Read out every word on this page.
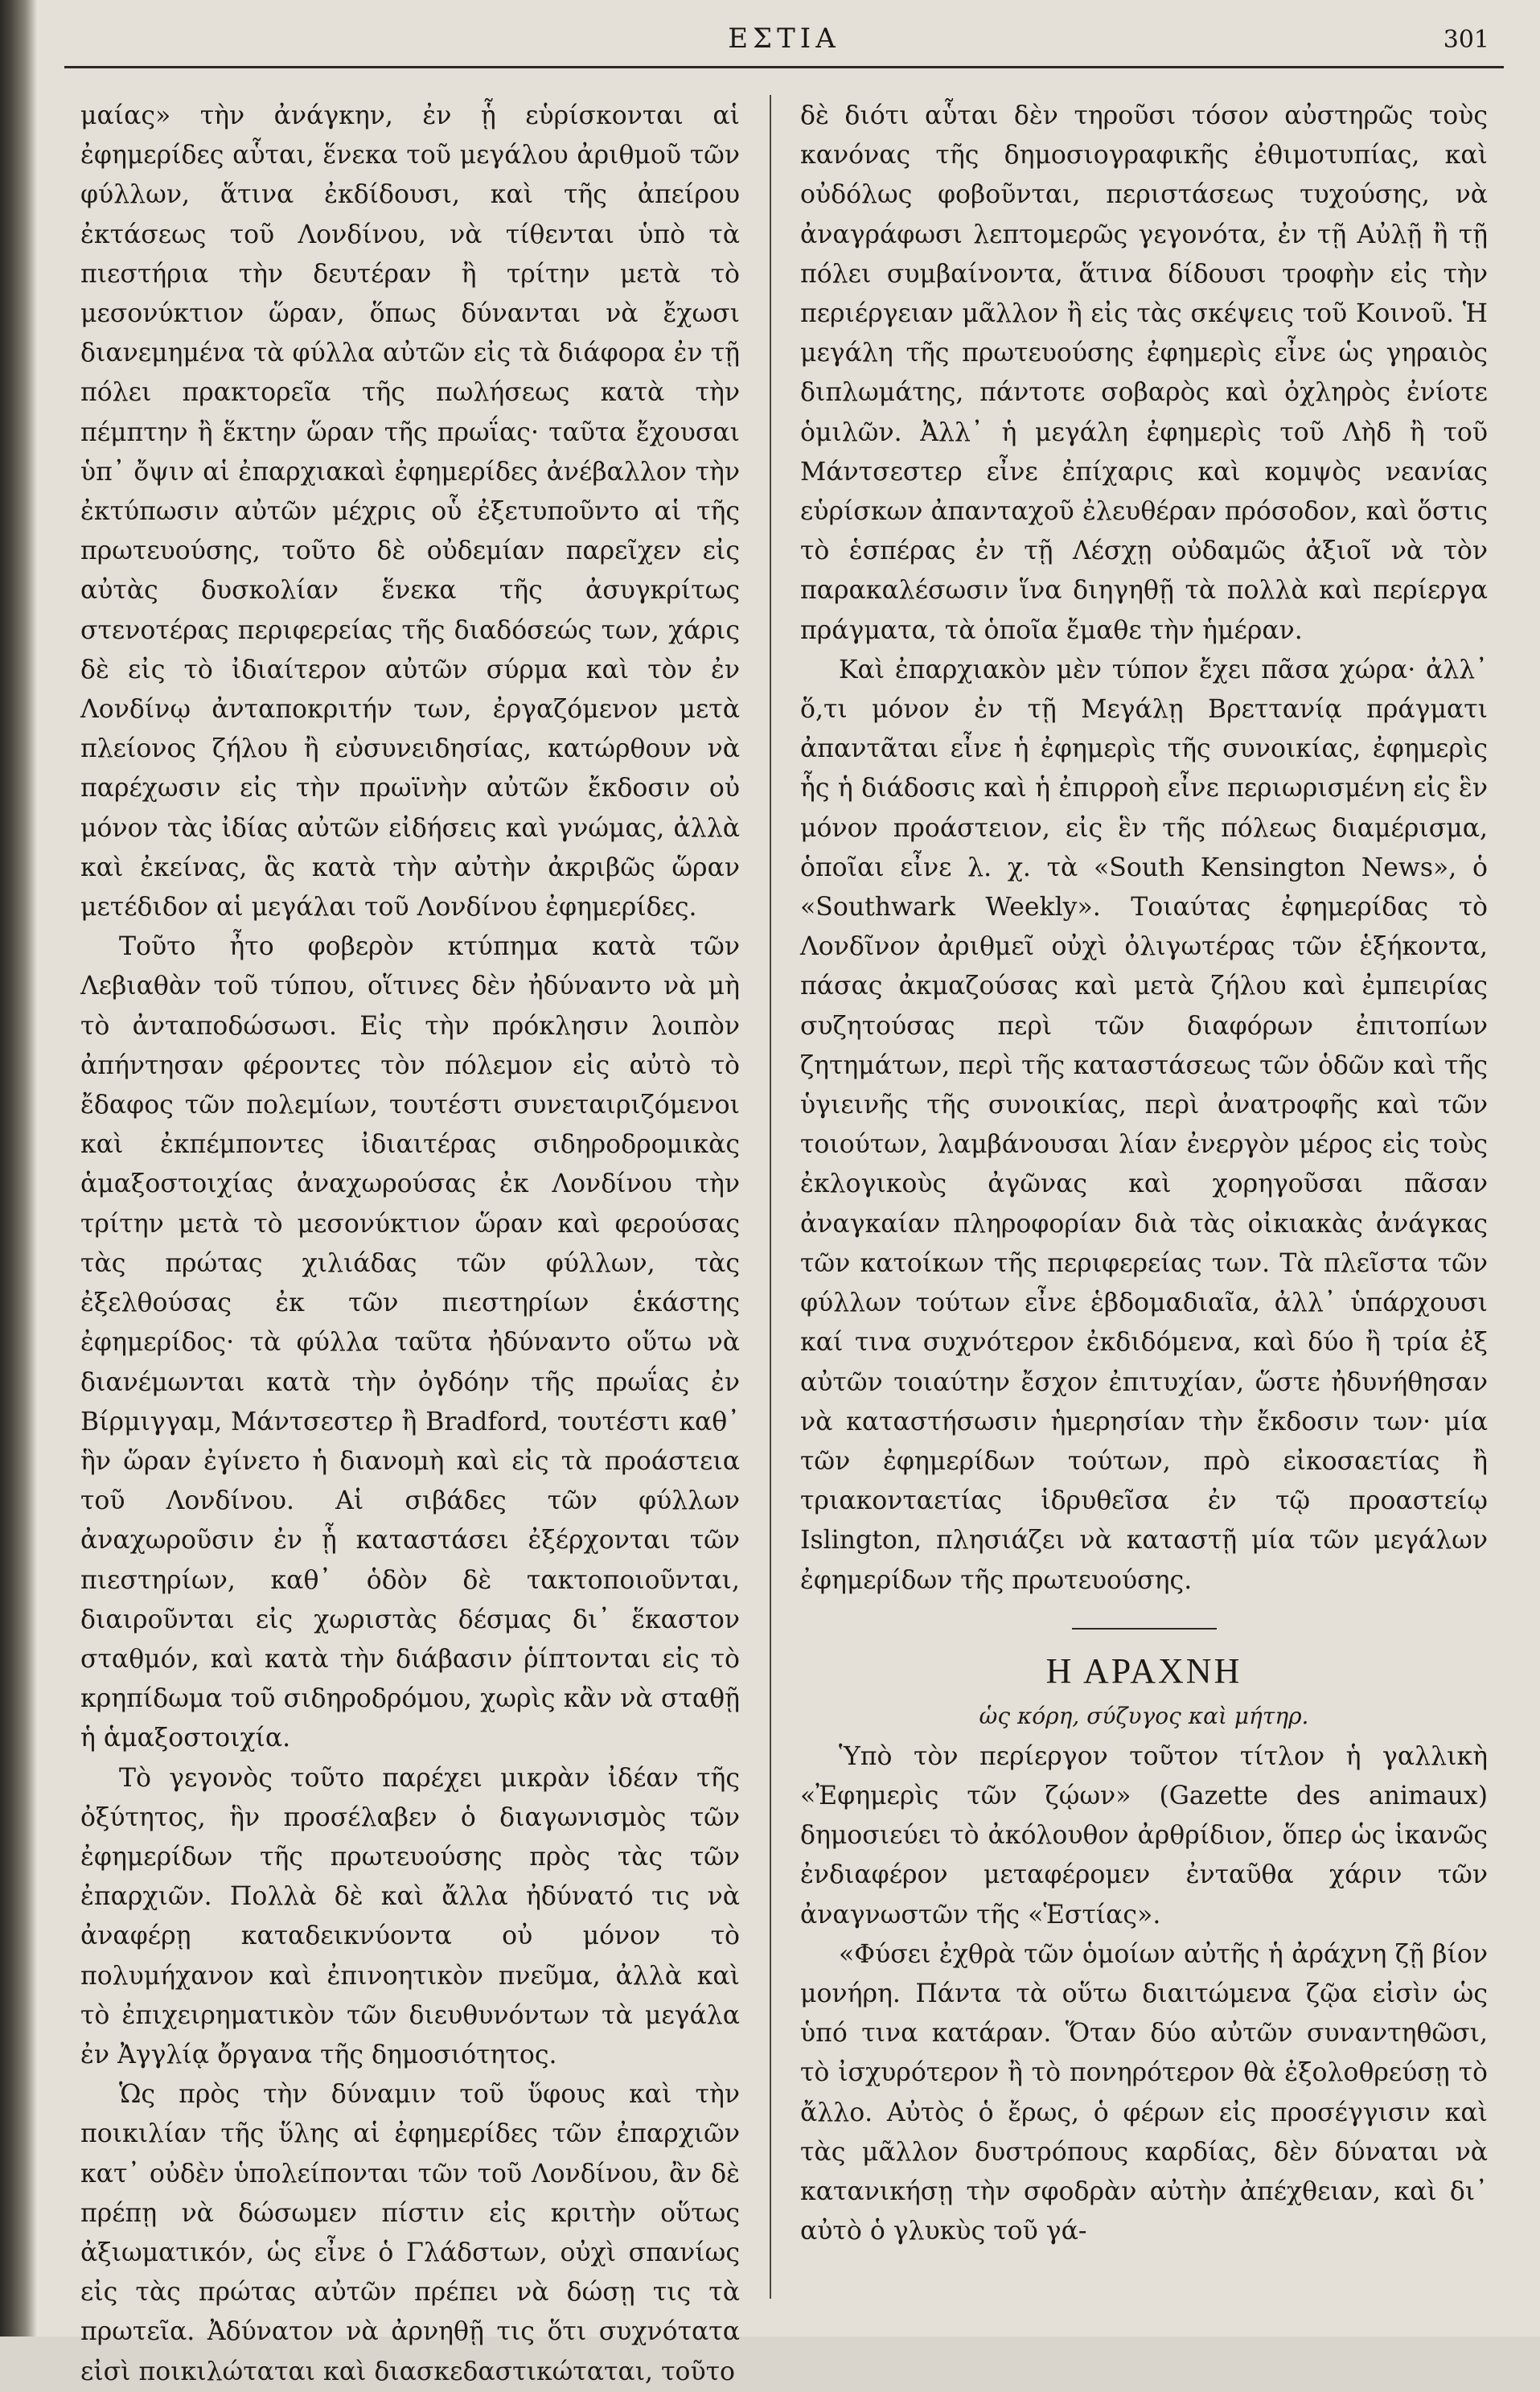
ΕΣΤΙΑ	301

μαίας» τὴν ἀνάγκην, ἐν ᾗ εὑρίσκονται αἱ ἐφημερίδες αὗται, ἕνεκα τοῦ μεγάλου ἀριθμοῦ τῶν φύλλων, ἅτινα ἐκδίδουσι, καὶ τῆς ἀπείρου ἐκτάσεως τοῦ Λονδίνου, νὰ τίθενται ὑπὸ τὰ πιεστήρια τὴν δευτέραν ἢ τρίτην μετὰ τὸ μεσονύκτιον ὥραν, ὅπως δύνανται νὰ ἔχωσι διανεμημένα τὰ φύλλα αὐτῶν εἰς τὰ διάφορα ἐν τῇ πόλει πρακτορεῖα τῆς πωλήσεως κατὰ τὴν πέμπτην ἢ ἕκτην ὥραν τῆς πρωΐας· ταῦτα ἔχουσαι ὑπ᾽ ὄψιν αἱ ἐπαρχιακαὶ ἐφημερίδες ἀνέβαλλον τὴν ἐκτύπωσιν αὐτῶν μέχρις οὗ ἐξετυποῦντο αἱ τῆς πρωτευούσης, τοῦτο δὲ οὐδεμίαν παρεῖχεν εἰς αὐτὰς δυσκολίαν ἕνεκα τῆς ἀσυγκρίτως στενοτέρας περιφερείας τῆς διαδόσεώς των, χάρις δὲ εἰς τὸ ἰδιαίτερον αὐτῶν σύρμα καὶ τὸν ἐν Λονδίνῳ ἀνταποκριτήν των, ἐργαζόμενον μετὰ πλείονος ζήλου ἢ εὐσυνειδησίας, κατώρθουν νὰ παρέχωσιν εἰς τὴν πρωϊνὴν αὐτῶν ἔκδοσιν οὐ μόνον τὰς ἰδίας αὐτῶν εἰδήσεις καὶ γνώμας, ἀλλὰ καὶ ἐκείνας, ἃς κατὰ τὴν αὐτὴν ἀκριβῶς ὥραν μετέδιδον αἱ μεγάλαι τοῦ Λονδίνου ἐφημερίδες.

Τοῦτο ἦτο φοβερὸν κτύπημα κατὰ τῶν Λεβιαθὰν τοῦ τύπου, οἵτινες δὲν ἠδύναντο νὰ μὴ τὸ ἀνταποδώσωσι. Εἰς τὴν πρόκλησιν λοιπὸν ἀπήντησαν φέροντες τὸν πόλεμον εἰς αὐτὸ τὸ ἔδαφος τῶν πολεμίων, τουτέστι συνεταιριζόμενοι καὶ ἐκπέμποντες ἰδιαιτέρας σιδηροδρομικὰς ἁμαξοστοιχίας ἀναχωρούσας ἐκ Λονδίνου τὴν τρίτην μετὰ τὸ μεσονύκτιον ὥραν καὶ φερούσας τὰς πρώτας χιλιάδας τῶν φύλλων, τὰς ἐξελθούσας ἐκ τῶν πιεστηρίων ἑκάστης ἐφημερίδος· τὰ φύλλα ταῦτα ἠδύναντο οὕτω νὰ διανέμωνται κατὰ τὴν ὀγδόην τῆς πρωΐας ἐν Βίρμιγγαμ, Μάντσεστερ ἢ Bradford, τουτέστι καθ᾽ ἣν ὥραν ἐγίνετο ἡ διανομὴ καὶ εἰς τὰ προάστεια τοῦ Λονδίνου. Αἱ σιβάδες τῶν φύλλων ἀναχωροῦσιν ἐν ᾗ καταστάσει ἐξέρχονται τῶν πιεστηρίων, καθ᾽ ὁδὸν δὲ τακτοποιοῦνται, διαιροῦνται εἰς χωριστὰς δέσμας δι᾽ ἕκαστον σταθμόν, καὶ κατὰ τὴν διάβασιν ῥίπτονται εἰς τὸ κρηπίδωμα τοῦ σιδηροδρόμου, χωρὶς κἂν νὰ σταθῇ ἡ ἁμαξοστοιχία.

Τὸ γεγονὸς τοῦτο παρέχει μικρὰν ἰδέαν τῆς ὀξύτητος, ἣν προσέλαβεν ὁ διαγωνισμὸς τῶν ἐφημερίδων τῆς πρωτευούσης πρὸς τὰς τῶν ἐπαρχιῶν. Πολλὰ δὲ καὶ ἄλλα ἠδύνατό τις νὰ ἀναφέρῃ καταδεικνύοντα οὐ μόνον τὸ πολυμήχανον καὶ ἐπινοητικὸν πνεῦμα, ἀλλὰ καὶ τὸ ἐπιχειρηματικὸν τῶν διευθυνόντων τὰ μεγάλα ἐν Ἀγγλίᾳ ὄργανα τῆς δημοσιότητος.

Ὡς πρὸς τὴν δύναμιν τοῦ ὕφους καὶ τὴν ποικιλίαν τῆς ὕλης αἱ ἐφημερίδες τῶν ἐπαρχιῶν κατ᾽ οὐδὲν ὑπολείπονται τῶν τοῦ Λονδίνου, ἂν δὲ πρέπῃ νὰ δώσωμεν πίστιν εἰς κριτὴν οὕτως ἀξιωματικόν, ὡς εἶνε ὁ Γλάδστων, οὐχὶ σπανίως εἰς τὰς πρώτας αὐτῶν πρέπει νὰ δώσῃ τις τὰ πρωτεῖα. Ἀδύνατον νὰ ἀρνηθῇ τις ὅτι συχνότατα εἰσὶ ποικιλώταται καὶ διασκεδαστικώταται, τοῦτο

δὲ διότι αὗται δὲν τηροῦσι τόσον αὐστηρῶς τοὺς κανόνας τῆς δημοσιογραφικῆς ἐθιμοτυπίας, καὶ οὐδόλως φοβοῦνται, περιστάσεως τυχούσης, νὰ ἀναγράφωσι λεπτομερῶς γεγονότα, ἐν τῇ Αὐλῇ ἢ τῇ πόλει συμβαίνοντα, ἅτινα δίδουσι τροφὴν εἰς τὴν περιέργειαν μᾶλλον ἢ εἰς τὰς σκέψεις τοῦ Κοινοῦ. Ἡ μεγάλη τῆς πρωτευούσης ἐφημερὶς εἶνε ὡς γηραιὸς διπλωμάτης, πάντοτε σοβαρὸς καὶ ὀχληρὸς ἐνίοτε ὁμιλῶν. Ἀλλ᾽ ἡ μεγάλη ἐφημερὶς τοῦ Λὴδ ἢ τοῦ Μάντσεστερ εἶνε ἐπίχαρις καὶ κομψὸς νεανίας εὑρίσκων ἀπανταχοῦ ἐλευθέραν πρόσοδον, καὶ ὅστις τὸ ἑσπέρας ἐν τῇ Λέσχῃ οὐδαμῶς ἀξιοῖ νὰ τὸν παρακαλέσωσιν ἵνα διηγηθῇ τὰ πολλὰ καὶ περίεργα πράγματα, τὰ ὁποῖα ἔμαθε τὴν ἡμέραν.

Καὶ ἐπαρχιακὸν μὲν τύπον ἔχει πᾶσα χώρα· ἀλλ᾽ ὅ,τι μόνον ἐν τῇ Μεγάλῃ Βρεττανίᾳ πράγματι ἀπαντᾶται εἶνε ἡ ἐφημερὶς τῆς συνοικίας, ἐφημερὶς ἧς ἡ διάδοσις καὶ ἡ ἐπιρροὴ εἶνε περιωρισμένη εἰς ἓν μόνον προάστειον, εἰς ἓν τῆς πόλεως διαμέρισμα, ὁποῖαι εἶνε λ. χ. τὰ «South Kensington News», ὁ «Southwark Weekly». Τοιαύτας ἐφημερίδας τὸ Λονδῖνον ἀριθμεῖ οὐχὶ ὀλιγωτέρας τῶν ἑξήκοντα, πάσας ἀκμαζούσας καὶ μετὰ ζήλου καὶ ἐμπειρίας συζητούσας περὶ τῶν διαφόρων ἐπιτοπίων ζητημάτων, περὶ τῆς καταστάσεως τῶν ὁδῶν καὶ τῆς ὑγιεινῆς τῆς συνοικίας, περὶ ἀνατροφῆς καὶ τῶν τοιούτων, λαμβάνουσαι λίαν ἐνεργὸν μέρος εἰς τοὺς ἐκλογικοὺς ἀγῶνας καὶ χορηγοῦσαι πᾶσαν ἀναγκαίαν πληροφορίαν διὰ τὰς οἰκιακὰς ἀνάγκας τῶν κατοίκων τῆς περιφερείας των. Τὰ πλεῖστα τῶν φύλλων τούτων εἶνε ἑβδομαδιαῖα, ἀλλ᾽ ὑπάρχουσι καί τινα συχνότερον ἐκδιδόμενα, καὶ δύο ἢ τρία ἐξ αὐτῶν τοιαύτην ἔσχον ἐπιτυχίαν, ὥστε ἠδυνήθησαν νὰ καταστήσωσιν ἡμερησίαν τὴν ἔκδοσιν των· μία τῶν ἐφημερίδων τούτων, πρὸ εἰκοσαετίας ἢ τριακονταετίας ἱδρυθεῖσα ἐν τῷ προαστείῳ Islington, πλησιάζει νὰ καταστῇ μία τῶν μεγάλων ἐφημερίδων τῆς πρωτευούσης.

Η ΑΡΑΧΝΗ
ὡς κόρη, σύζυγος καὶ μήτηρ.

Ὑπὸ τὸν περίεργον τοῦτον τίτλον ἡ γαλλικὴ «Ἐφημερὶς τῶν ζῴων» (Gazette des animaux) δημοσιεύει τὸ ἀκόλουθον ἀρθρίδιον, ὅπερ ὡς ἱκανῶς ἐνδιαφέρον μεταφέρομεν ἐνταῦθα χάριν τῶν ἀναγνωστῶν τῆς «Ἑστίας».

«Φύσει ἐχθρὰ τῶν ὁμοίων αὐτῆς ἡ ἀράχνη ζῇ βίον μονήρη. Πάντα τὰ οὕτω διαιτώμενα ζῷα εἰσὶν ὡς ὑπό τινα κατάραν. Ὅταν δύο αὐτῶν συναντηθῶσι, τὸ ἰσχυρότερον ἢ τὸ πονηρότερον θὰ ἐξολοθρεύσῃ τὸ ἄλλο. Αὐτὸς ὁ ἔρως, ὁ φέρων εἰς προσέγγισιν καὶ τὰς μᾶλλον δυστρόπους καρδίας, δὲν δύναται νὰ κατανικήσῃ τὴν σφοδρὰν αὐτὴν ἀπέχθειαν, καὶ δι᾽ αὐτὸ ὁ γλυκὺς τοῦ γά-
